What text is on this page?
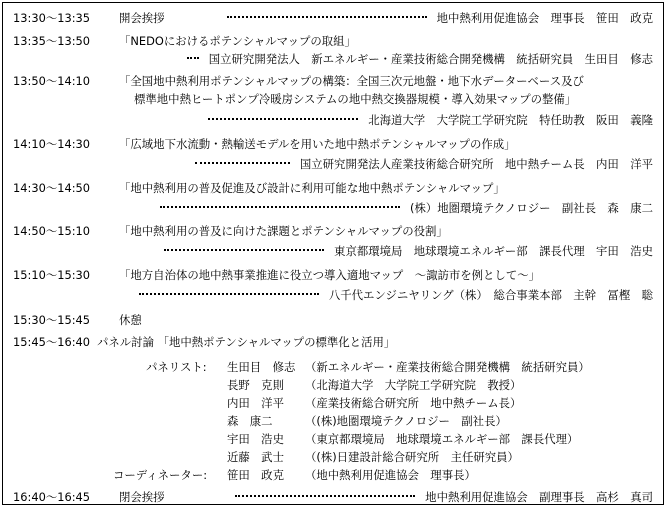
13:30～13:35	開会挨拶	地中熱利用促進協会　理事長　笹田　政克
13:35～13:50	「NEDOにおけるポテンシャルマップの取組」
国立研究開発法人　新エネルギー・産業技術総合開発機構　統括研究員　生田目　修志
13:50～14:10	「全国地中熱利用ポテンシャルマップの構築：全国三次元地盤・地下水データーベース及び
標準地中熱ヒートポンプ冷暖房システムの地中熱交換器規模・導入効果マップの整備」
北海道大学　大学院工学研究院　特任助教　阪田　義隆
14:10～14:30	「広域地下水流動・熱輸送モデルを用いた地中熱ポテンシャルマップの作成」
国立研究開発法人産業技術総合研究所　地中熱チーム長　内田　洋平
14:30～14:50	「地中熱利用の普及促進及び設計に利用可能な地中熱ポテンシャルマップ」
(株）地圏環境テクノロジー　副社長　森　康二
14:50～15:10	「地中熱利用の普及に向けた課題とポテンシャルマップの役割」
東京都環境局　地球環境エネルギー部　課長代理　宇田　浩史
15:10～15:30	「地方自治体の地中熱事業推進に役立つ導入適地マップ　～諏訪市を例として～」
八千代エンジニヤリング（株）　総合事業本部　主幹　冨樫　聡
15:30～15:45	休憩
15:45～16:40 パネル討論 「地中熱ポテンシャルマップの標準化と活用」
パネリスト: 生田目　修志 （新エネルギー・産業技術総合開発機構　統括研究員）
長野　克則 （北海道大学　大学院工学研究院　教授）
内田　洋平 （産業技術総合研究所　地中熱チーム長）
森　康二	（(株)地圏環境テクノロジー　副社長）
宇田　浩史 （東京都環境局　地球環境エネルギー部　課長代理）
近藤　武士 （(株)日建設計総合研究所　主任研究員）
コーディネーター: 笹田　政克 （地中熱利用促進協会　理事長）
16:40～16:45	閉会挨拶	地中熱利用促進協会　副理事長　高杉　真司
